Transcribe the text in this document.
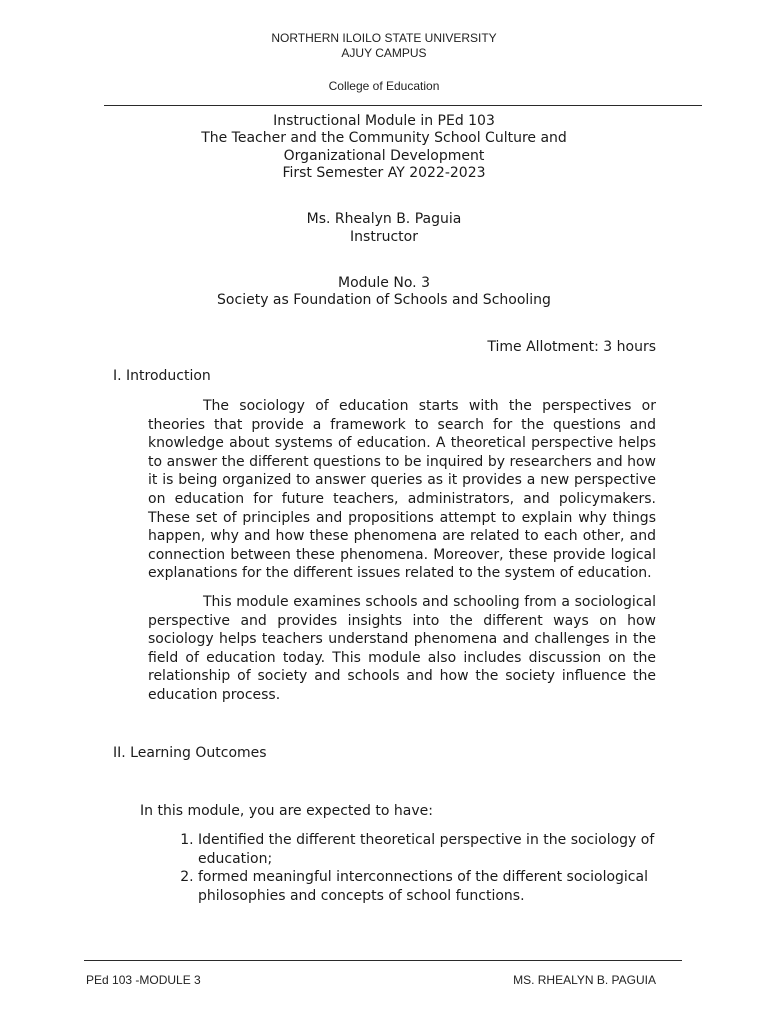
NORTHERN ILOILO STATE UNIVERSITY
AJUY CAMPUS
College of Education
Instructional Module in PEd 103
The Teacher and the Community School Culture and
Organizational Development
First Semester AY 2022-2023
Ms. Rhealyn B. Paguia
Instructor
Module No. 3
Society as Foundation of Schools and Schooling
Time Allotment: 3 hours
I. Introduction

The sociology of education starts with the perspectives or theories that provide a framework to search for the questions and knowledge about systems of education. A theoretical perspective helps to answer the different questions to be inquired by researchers and how it is being organized to answer queries as it provides a new perspective on education for future teachers, administrators, and policymakers. These set of principles and propositions attempt to explain why things happen, why and how these phenomena are related to each other, and connection between these phenomena. Moreover, these provide logical explanations for the different issues related to the system of education.

This module examines schools and schooling from a sociological perspective and provides insights into the different ways on how sociology helps teachers understand phenomena and challenges in the field of education today. This module also includes discussion on the relationship of society and schools and how the society influence the education process.

II. Learning Outcomes
In this module, you are expected to have:
1. Identified the different theoretical perspective in the sociology of education;
2. formed meaningful interconnections of the different sociological philosophies and concepts of school functions.
PEd 103 -MODULE 3	MS. RHEALYN B. PAGUIA
